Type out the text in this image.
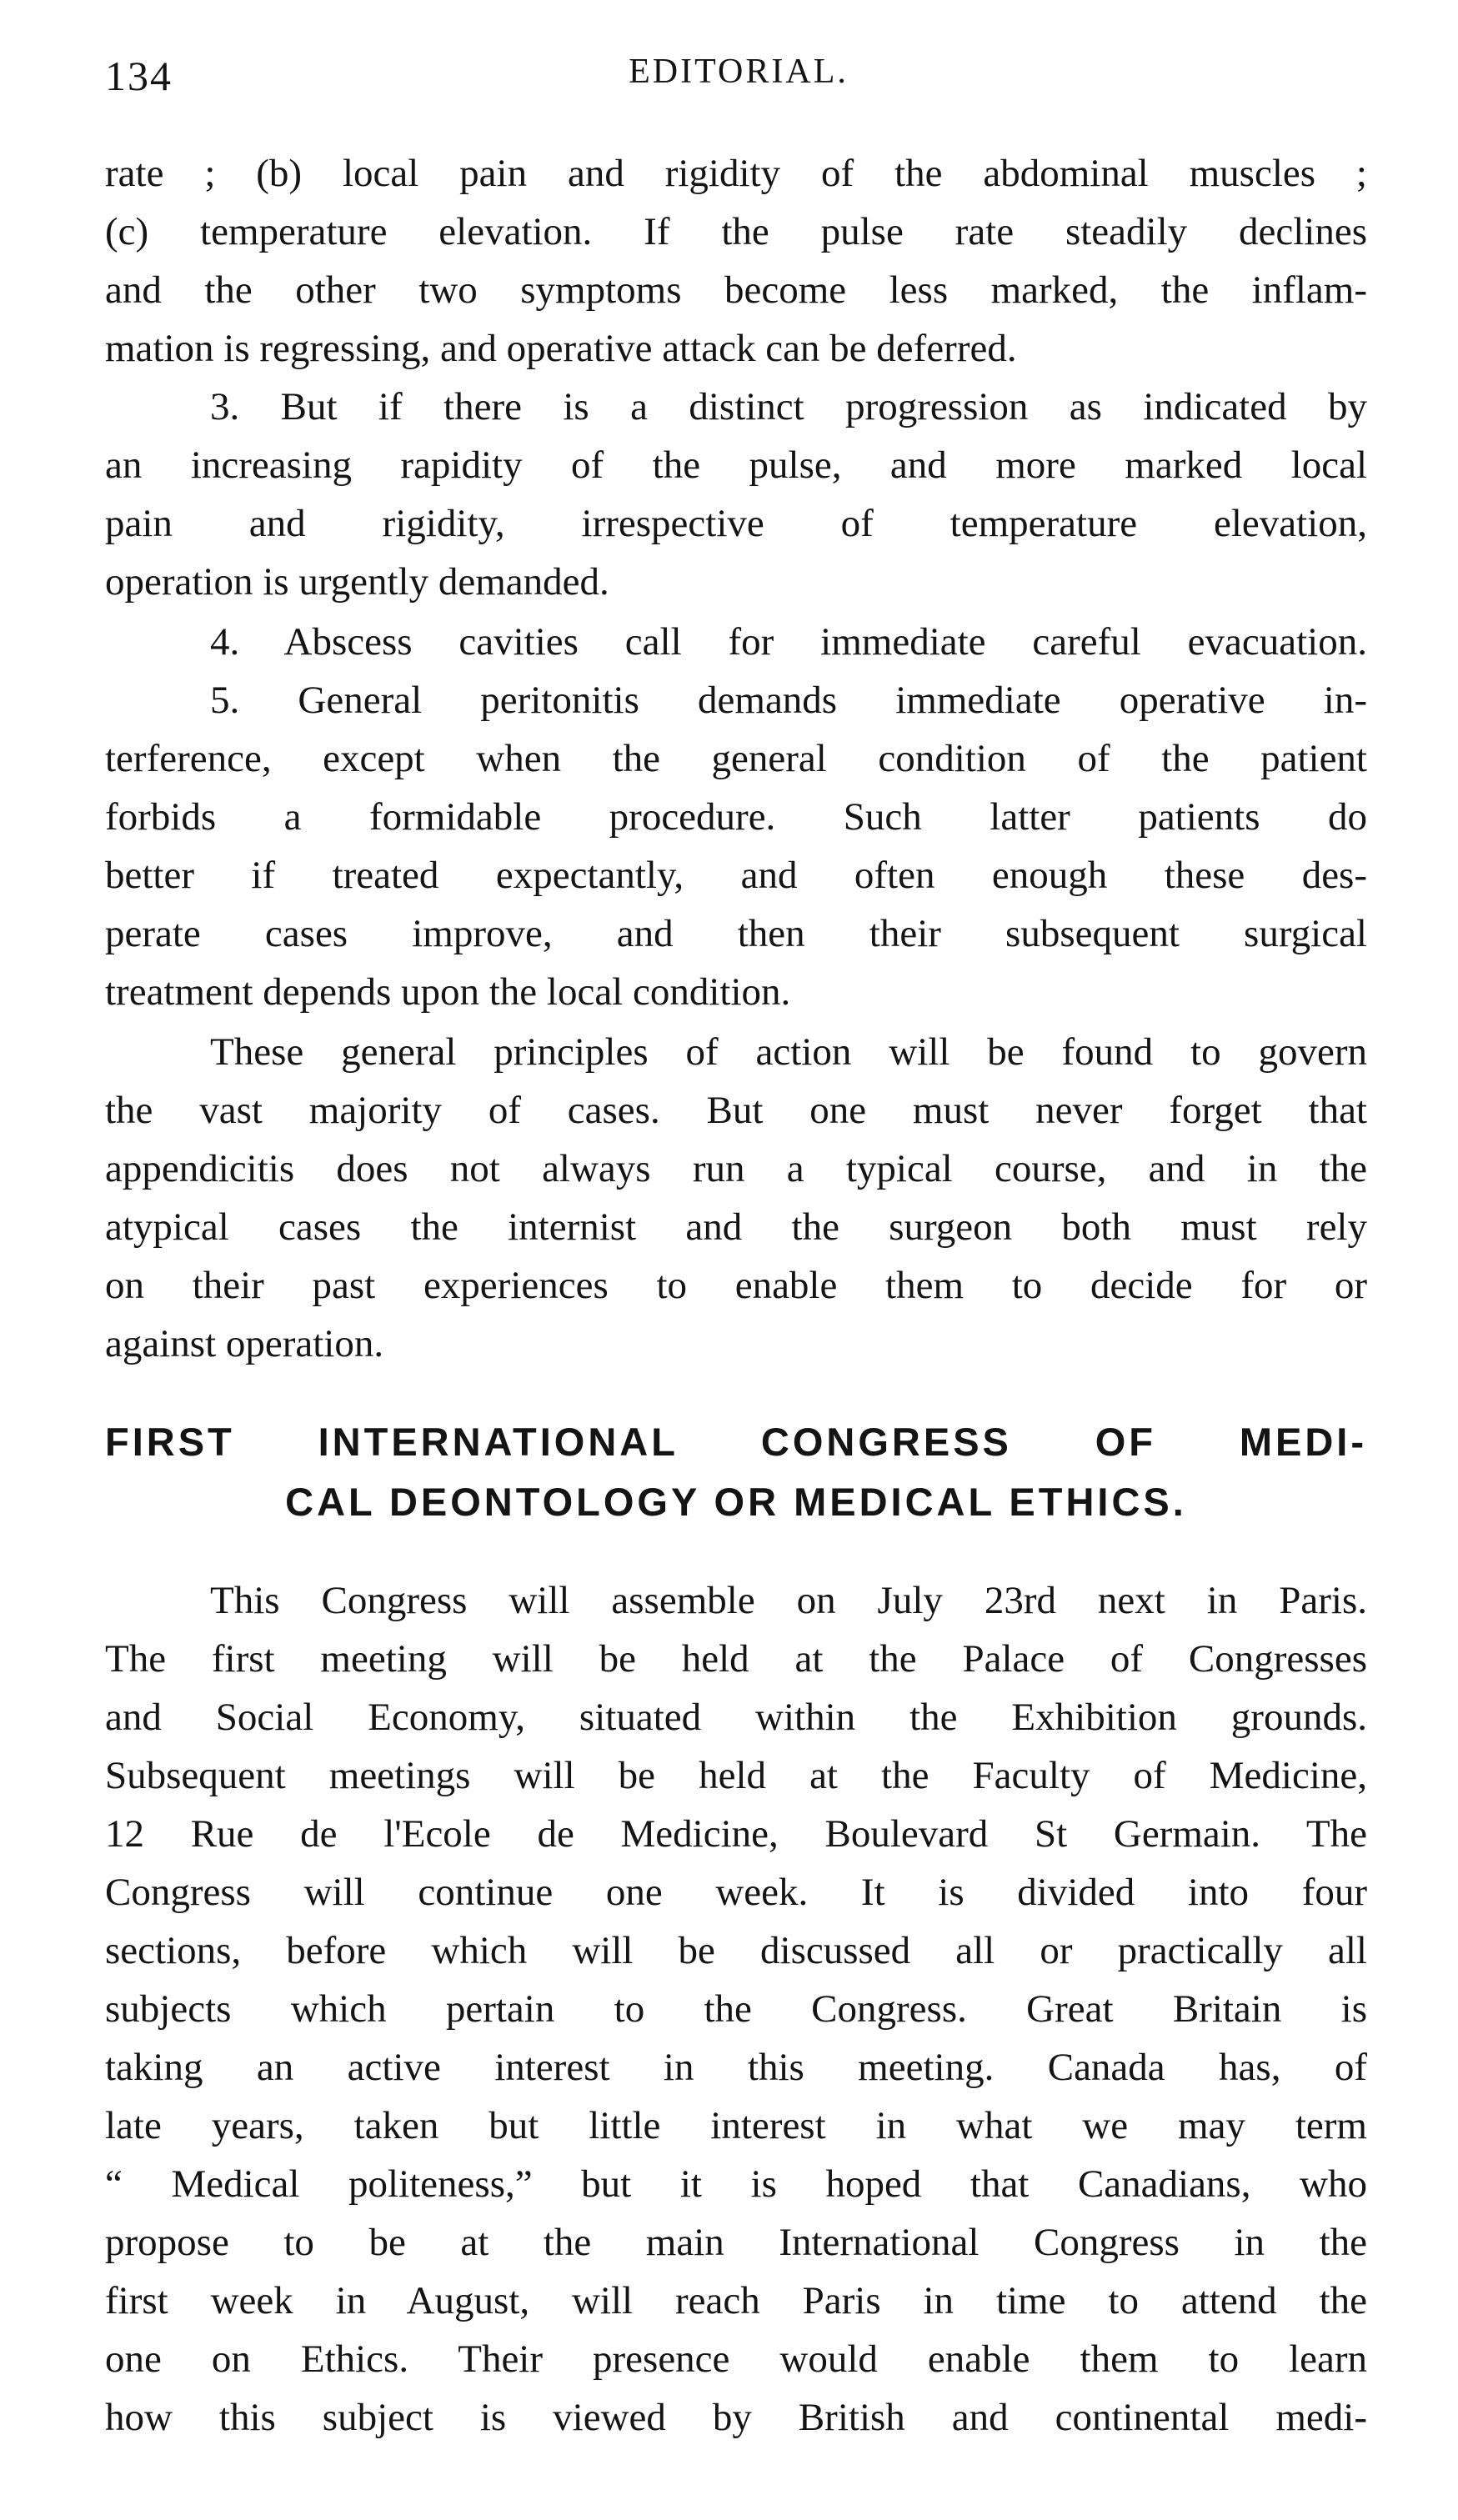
134	EDITORIAL.
rate ; (b) local pain and rigidity of the abdominal muscles ;
(c) temperature elevation. If the pulse rate steadily declines
and the other two symptoms become less marked, the inflam-
mation is regressing, and operative attack can be deferred.
3. But if there is a distinct progression as indicated by
an increasing rapidity of the pulse, and more marked local
pain and rigidity, irrespective of temperature elevation,
operation is urgently demanded.
4. Abscess cavities call for immediate careful evacuation.
5. General peritonitis demands immediate operative in-
terference, except when the general condition of the patient
forbids a formidable procedure. Such latter patients do
better if treated expectantly, and often enough these des-
perate cases improve, and then their subsequent surgical
treatment depends upon the local condition.
These general principles of action will be found to govern
the vast majority of cases. But one must never forget that
appendicitis does not always run a typical course, and in the
atypical cases the internist and the surgeon both must rely
on their past experiences to enable them to decide for or
against operation.
FIRST INTERNATIONAL CONGRESS OF MEDI-
CAL DEONTOLOGY OR MEDICAL ETHICS.
This Congress will assemble on July 23rd next in Paris.
The first meeting will be held at the Palace of Congresses
and Social Economy, situated within the Exhibition grounds.
Subsequent meetings will be held at the Faculty of Medicine,
12 Rue de l'Ecole de Medicine, Boulevard St Germain. The
Congress will continue one week. It is divided into four
sections, before which will be discussed all or practically all
subjects which pertain to the Congress. Great Britain is
taking an active interest in this meeting. Canada has, of
late years, taken but little interest in what we may term
“ Medical politeness,” but it is hoped that Canadians, who
propose to be at the main International Congress in the
first week in August, will reach Paris in time to attend the
one on Ethics. Their presence would enable them to learn
how this subject is viewed by British and continental medi-
